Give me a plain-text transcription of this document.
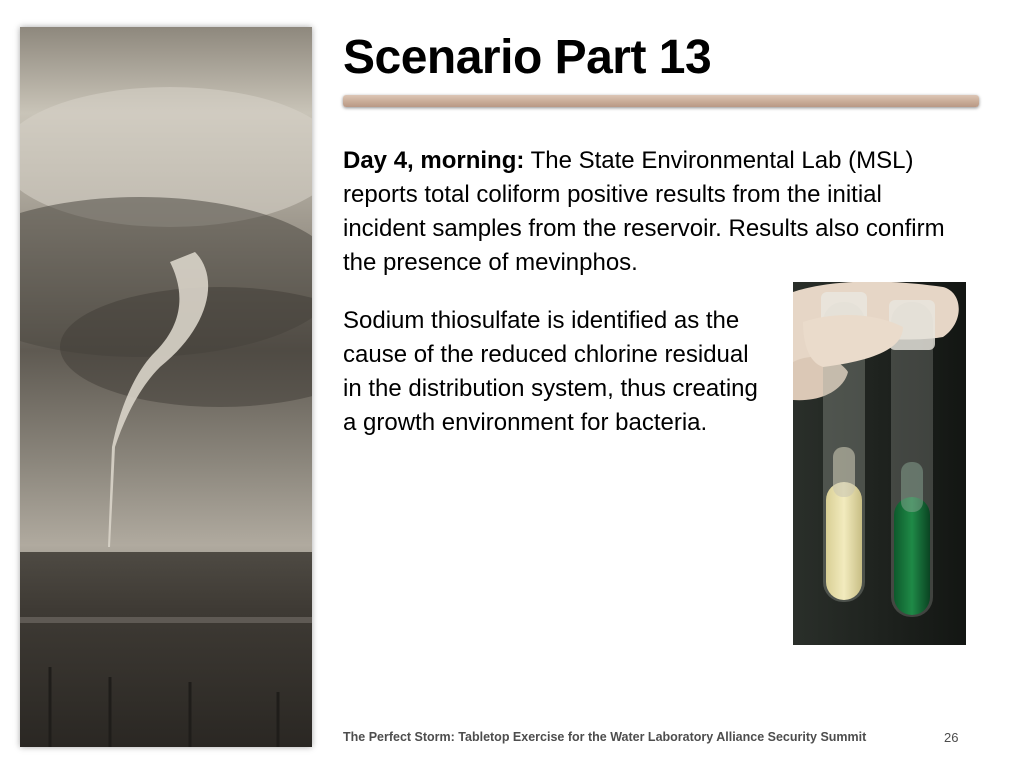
Scenario Part 13

Day 4, morning: The State Environmental Lab (MSL) reports total coliform positive results from the initial incident samples from the reservoir. Results also confirm the presence of mevinphos.

Sodium thiosulfate is identified as the cause of the reduced chlorine residual in the distribution system, thus creating a growth environment for bacteria.

The Perfect Storm: Tabletop Exercise for the Water Laboratory Alliance Security Summit	26
